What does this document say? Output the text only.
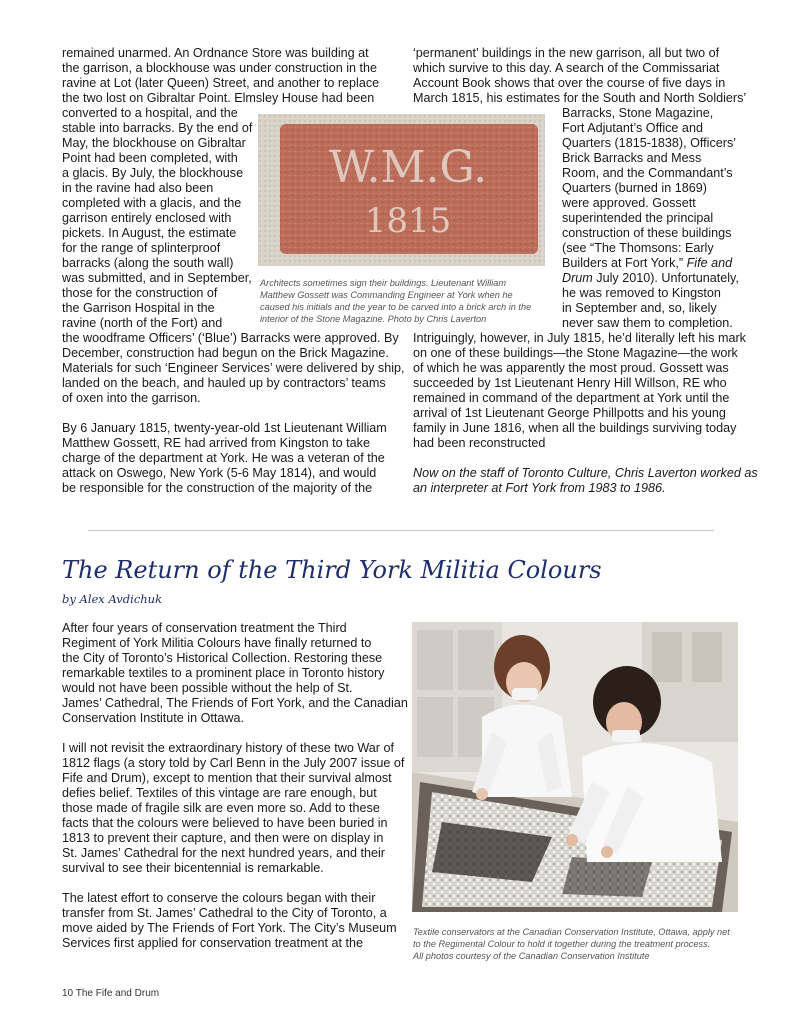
remained unarmed. An Ordnance Store was building at
the garrison, a blockhouse was under construction in the
ravine at Lot (later Queen) Street, and another to replace
the two lost on Gibraltar Point. Elmsley House had been
converted to a hospital, and the
stable into barracks. By the end of
May, the blockhouse on Gibraltar
Point had been completed, with
a glacis. By July, the blockhouse
in the ravine had also been
completed with a glacis, and the
garrison entirely enclosed with
pickets. In August, the estimate
for the range of splinterproof
barracks (along the south wall)
was submitted, and in September,
those for the construction of
the Garrison Hospital in the
ravine (north of the Fort) and
the woodframe Officers’ (‘Blue’) Barracks were approved. By
December, construction had begun on the Brick Magazine.
Materials for such ‘Engineer Services’ were delivered by ship,
landed on the beach, and hauled up by contractors’ teams
of oxen into the garrison.
By 6 January 1815, twenty-year-old 1st Lieutenant William
Matthew Gossett, RE had arrived from Kingston to take
charge of the department at York. He was a veteran of the
attack on Oswego, New York (5-6 May 1814), and would
be responsible for the construction of the majority of the
W.M.G.
1815
Architects sometimes sign their buildings. Lieutenant William
Matthew Gossett was Commanding Engineer at York when he
caused his initials and the year to be carved into a brick arch in the
interior of the Stone Magazine. Photo by Chris Laverton
‘permanent’ buildings in the new garrison, all but two of
which survive to this day. A search of the Commissariat
Account Book shows that over the course of five days in
March 1815, his estimates for the South and North Soldiers’
Barracks, Stone Magazine,
Fort Adjutant’s Office and
Quarters (1815-1838), Officers’
Brick Barracks and Mess
Room, and the Commandant’s
Quarters (burned in 1869)
were approved. Gossett
superintended the principal
construction of these buildings
(see “The Thomsons: Early
Builders at Fort York,” Fife and
Drum July 2010). Unfortunately,
he was removed to Kingston
in September and, so, likely
never saw them to completion.
Intriguingly, however, in July 1815, he’d literally left his mark
on one of these buildings—the Stone Magazine—the work
of which he was apparently the most proud. Gossett was
succeeded by 1st Lieutenant Henry Hill Willson, RE who
remained in command of the department at York until the
arrival of 1st Lieutenant George Phillpotts and his young
family in June 1816, when all the buildings surviving today
had been reconstructed
Now on the staff of Toronto Culture, Chris Laverton worked as
an interpreter at Fort York from 1983 to 1986.
The Return of the Third York Militia Colours
by Alex Avdichuk
After four years of conservation treatment the Third
Regiment of York Militia Colours have finally returned to
the City of Toronto’s Historical Collection. Restoring these
remarkable textiles to a prominent place in Toronto history
would not have been possible without the help of St.
James’ Cathedral, The Friends of Fort York, and the Canadian
Conservation Institute in Ottawa.
I will not revisit the extraordinary history of these two War of
1812 flags (a story told by Carl Benn in the July 2007 issue of
Fife and Drum), except to mention that their survival almost
defies belief. Textiles of this vintage are rare enough, but
those made of fragile silk are even more so. Add to these
facts that the colours were believed to have been buried in
1813 to prevent their capture, and then were on display in
St. James’ Cathedral for the next hundred years, and their
survival to see their bicentennial is remarkable.
The latest effort to conserve the colours began with their
transfer from St. James’ Cathedral to the City of Toronto, a
move aided by The Friends of Fort York. The City’s Museum
Services first applied for conservation treatment at the
Textile conservators at the Canadian Conservation Institute, Ottawa, apply net
to the Regimental Colour to hold it together during the treatment process.
All photos courtesy of the Canadian Conservation Institute
10 The Fife and Drum
